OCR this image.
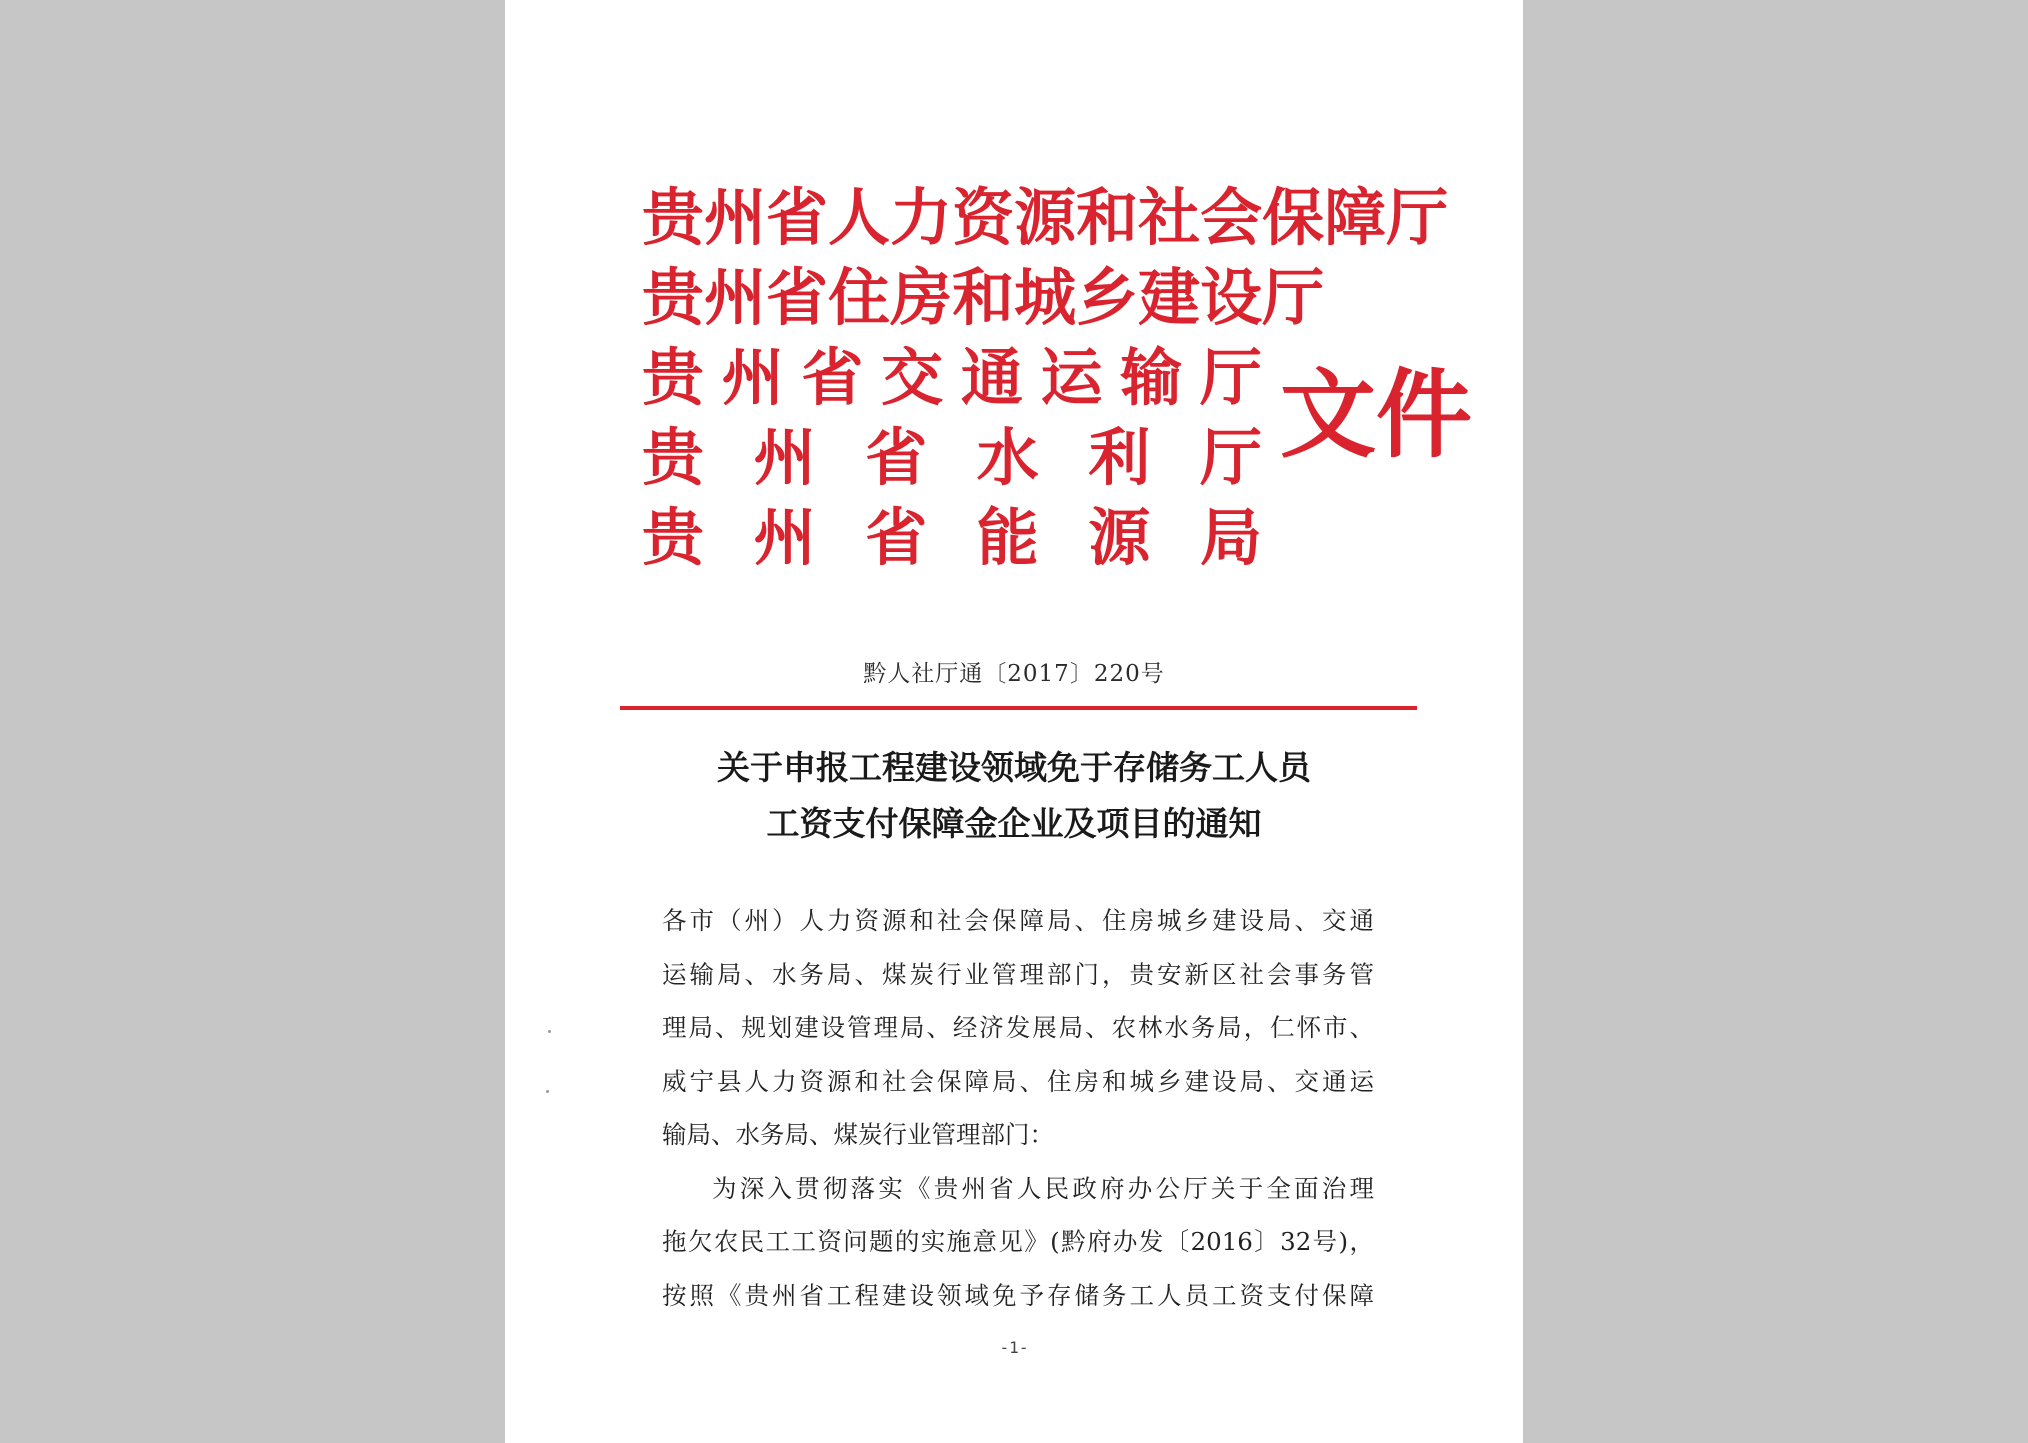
贵 州 省 人 力 资 源 和 社 会 保 障 厅
贵 州 省 住 房 和 城 乡 建 设 厅
贵 州 省 交 通 运 输 厅
贵 州 省 水 利 厅
贵 州 省 能 源 局
文件
黔人社厅通〔2017〕220号
关于申报工程建设领域免于存储务工人员
工资支付保障金企业及项目的通知
各市（州）人力资源和社会保障局、住房城乡建设局、交通
运输局、水务局、煤炭行业管理部门，贵安新区社会事务管
理局、规划建设管理局、经济发展局、农林水务局，仁怀市、
威宁县人力资源和社会保障局、住房和城乡建设局、交通运
输局、水务局、煤炭行业管理部门：
为深入贯彻落实《贵州省人民政府办公厅关于全面治理
拖欠农民工工资问题的实施意见》(黔府办发〔2016〕32号)，
按照《贵州省工程建设领域免予存储务工人员工资支付保障
-1-
